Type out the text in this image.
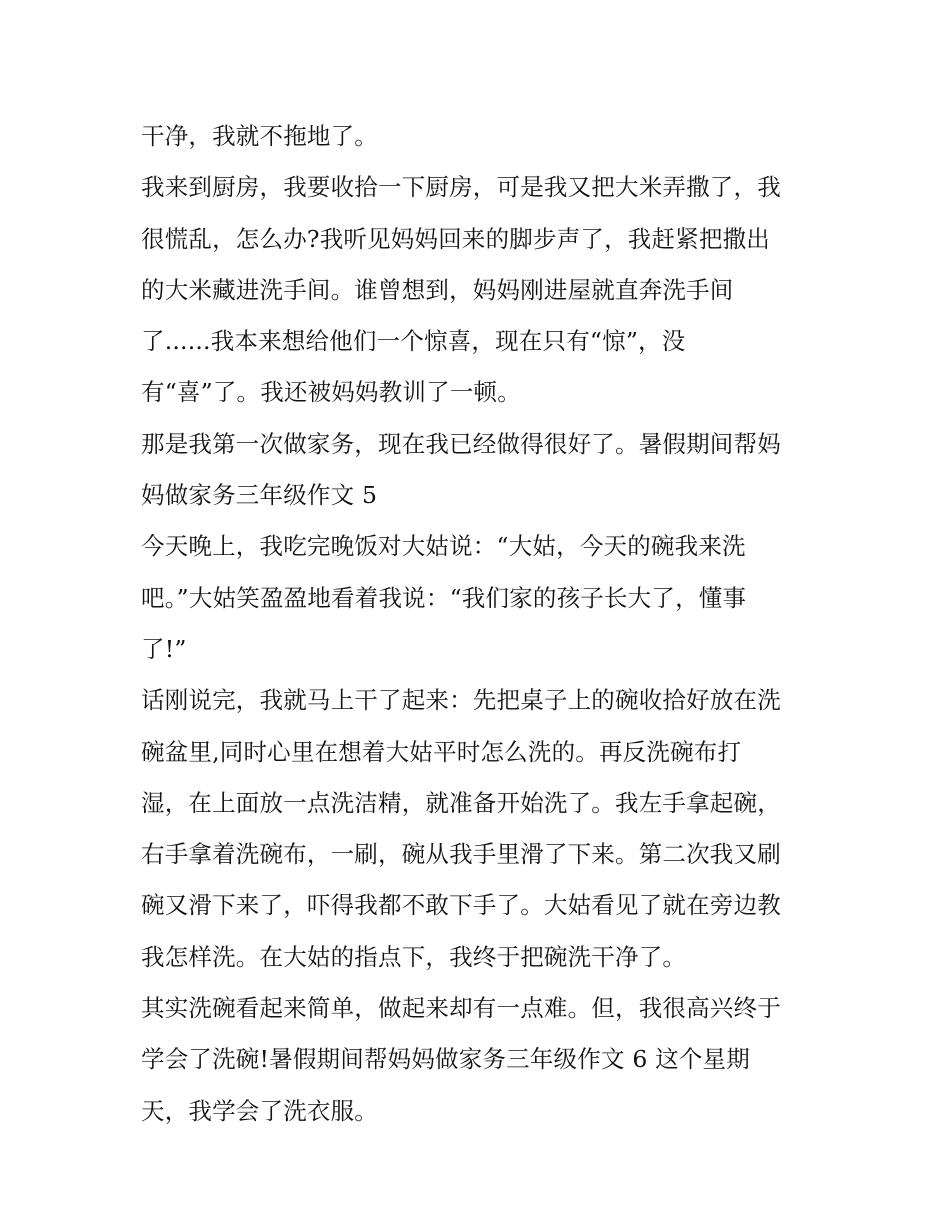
干净，我就不拖地了。
我来到厨房，我要收拾一下厨房，可是我又把大米弄撒了，我
很慌乱，怎么办?我听见妈妈回来的脚步声了，我赶紧把撒出
的大米藏进洗手间。谁曾想到，妈妈刚进屋就直奔洗手间
了......我本来想给他们一个惊喜，现在只有“惊”，没
有“喜”了。我还被妈妈教训了一顿。
那是我第一次做家务，现在我已经做得很好了。暑假期间帮妈
妈做家务三年级作文 5
今天晚上，我吃完晚饭对大姑说：“大姑，今天的碗我来洗
吧。”大姑笑盈盈地看着我说：“我们家的孩子长大了，懂事
了!”
话刚说完，我就马上干了起来：先把桌子上的碗收拾好放在洗
碗盆里,同时心里在想着大姑平时怎么洗的。再反洗碗布打
湿，在上面放一点洗洁精，就准备开始洗了。我左手拿起碗，
右手拿着洗碗布，一刷，碗从我手里滑了下来。第二次我又刷
碗又滑下来了，吓得我都不敢下手了。大姑看见了就在旁边教
我怎样洗。在大姑的指点下，我终于把碗洗干净了。
其实洗碗看起来简单，做起来却有一点难。但，我很高兴终于
学会了洗碗!暑假期间帮妈妈做家务三年级作文 6 这个星期
天，我学会了洗衣服。
